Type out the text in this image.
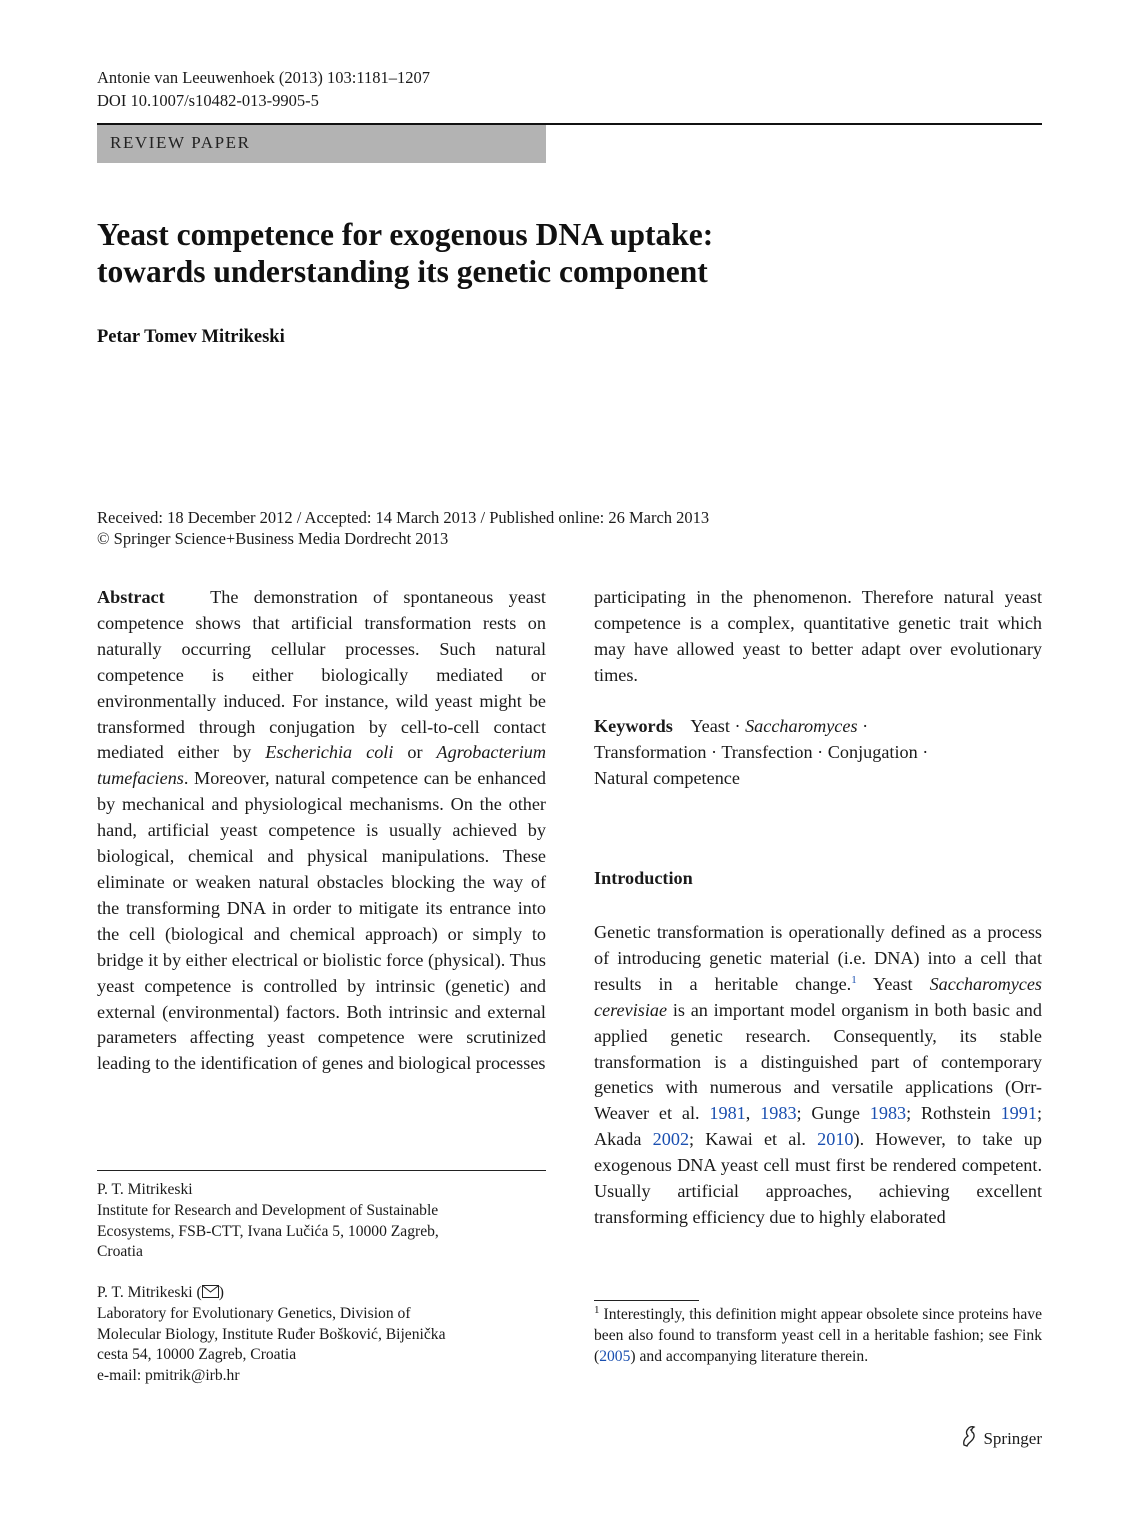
Antonie van Leeuwenhoek (2013) 103:1181–1207
DOI 10.1007/s10482-013-9905-5
REVIEW PAPER
Yeast competence for exogenous DNA uptake:
towards understanding its genetic component
Petar Tomev Mitrikeski
Received: 18 December 2012 / Accepted: 14 March 2013 / Published online: 26 March 2013
© Springer Science+Business Media Dordrecht 2013
Abstract The demonstration of spontaneous yeast competence shows that artificial transformation rests on naturally occurring cellular processes. Such natural competence is either biologically mediated or environmentally induced. For instance, wild yeast might be transformed through conjugation by cell-to-cell contact mediated either by Escherichia coli or Agrobacterium tumefaciens. Moreover, natural competence can be enhanced by mechanical and physiological mechanisms. On the other hand, artificial yeast competence is usually achieved by biological, chemical and physical manipulations. These eliminate or weaken natural obstacles blocking the way of the transforming DNA in order to mitigate its entrance into the cell (biological and chemical approach) or simply to bridge it by either electrical or biolistic force (physical). Thus yeast competence is controlled by intrinsic (genetic) and external (environmental) factors. Both intrinsic and external parameters affecting yeast competence were scrutinized leading to the identification of genes and biological processes
participating in the phenomenon. Therefore natural yeast competence is a complex, quantitative genetic trait which may have allowed yeast to better adapt over evolutionary times.
Keywords Yeast · Saccharomyces ·
Transformation · Transfection · Conjugation ·
Natural competence
Introduction
Genetic transformation is operationally defined as a process of introducing genetic material (i.e. DNA) into a cell that results in a heritable change.$^1$ Yeast Saccharomyces cerevisiae is an important model organism in both basic and applied genetic research. Consequently, its stable transformation is a distinguished part of contemporary genetics with numerous and versatile applications (Orr-Weaver et al. 1981, 1983; Gunge 1983; Rothstein 1991; Akada 2002; Kawai et al. 2010). However, to take up exogenous DNA yeast cell must first be rendered competent. Usually artificial approaches, achieving excellent transforming efficiency due to highly elaborated
P. T. Mitrikeski
Institute for Research and Development of Sustainable
Ecosystems, FSB-CTT, Ivana Lučića 5, 10000 Zagreb,
Croatia
P. T. Mitrikeski ( )
Laboratory for Evolutionary Genetics, Division of
Molecular Biology, Institute Ruđer Bošković, Bijenička
cesta 54, 10000 Zagreb, Croatia
e-mail: pmitrik@irb.hr
$^1$ Interestingly, this definition might appear obsolete since proteins have been also found to transform yeast cell in a heritable fashion; see Fink (2005) and accompanying literature therein.
Springer
